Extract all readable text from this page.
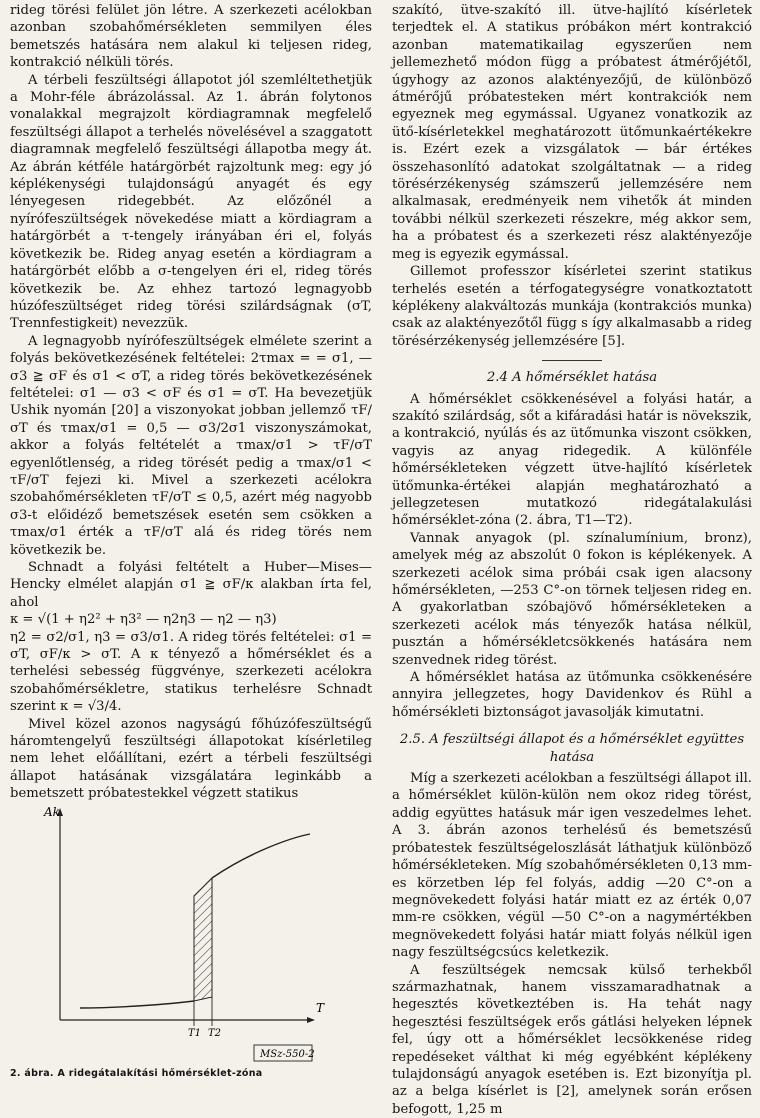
rideg törési felület jön létre. A szerkezeti acélokban azonban szobahőmérsékleten semmilyen éles bemetszés hatására nem alakul ki teljesen rideg, kontrakció nélküli törés.

A térbeli feszültségi állapotot jól szemléltethetjük a Mohr-féle ábrázolással. Az 1. ábrán folytonos vonalakkal megrajzolt kördiagramnak megfelelő feszültségi állapot a terhelés növelésével a szaggatott diagramnak megfelelő feszültségi állapotba megy át. Az ábrán kétféle határgörbét rajzoltunk meg: egy jó képlékenységi tulajdonságú anyagét és egy lényegesen ridegebbét. Az előzőnél a nyírófeszültségek növekedése miatt a kördiagram a határgörbét a τ-tengely irányában éri el, folyás következik be. Rideg anyag esetén a kördiagram a határgörbét előbb a σ-tengelyen éri el, rideg törés következik be. Az ehhez tartozó legnagyobb húzófeszültséget rideg törési szilárdságnak (σT, Trennfestigkeit) nevezzük.

A legnagyobb nyírófeszültségek elmélete szerint a folyás bekövetkezésének feltételei: 2τmax = = σ1, — σ3 ≧ σF és σ1 < σT, a rideg törés bekövetkezésének feltételei: σ1 — σ3 < σF és σ1 = σT. Ha bevezetjük Ushik nyomán [20] a viszonyokat jobban jellemző τF/σT és τmax/σ1 = 0,5 — σ3/2σ1 viszonyszámokat, akkor a folyás feltételét a τmax/σ1 > τF/σT egyenlőtlenség, a rideg törését pedig a τmax/σ1 < τF/σT fejezi ki. Mivel a szerkezeti acélokra szobahőmérsékleten τF/σT ≤ 0,5, azért még nagyobb σ3-t előidéző bemetszések esetén sem csökken a τmax/σ1 érték a τF/σT alá és rideg törés nem következik be.

Schnadt a folyási feltételt a Huber—Mises—Hencky elmélet alapján σ1 ≧ σF/κ alakban írta fel, ahol

κ = √(1 + η2² + η3² — η2η3 — η2 — η3)

η2 = σ2/σ1, η3 = σ3/σ1. A rideg törés feltételei: σ1 = σT, σF/κ > σT. A κ tényező a hőmérséklet és a terhelési sebesség függvénye, szerkezeti acélokra szobahőmérsékletre, statikus terhelésre Schnadt szerint κ = √3/4.

Mivel közel azonos nagyságú főhúzófeszültségű háromtengelyű feszültségi állapotokat kísérletileg nem lehet előállítani, ezért a térbeli feszültségi állapot hatásának vizsgálatára leginkább a bemetszett próbatestekkel végzett statikus

szakító, ütve-szakító ill. ütve-hajlító kísérletek terjedtek el. A statikus próbákon mért kontrakció azonban matematikailag egyszerűen nem jellemezhető módon függ a próbatest átmérőjétől, úgyhogy az azonos alaktényezőjű, de különböző átmérőjű próbatesteken mért kontrakciók nem egyeznek meg egymással. Ugyanez vonatkozik az ütő-kísérletekkel meghatározott ütőmunkaértékekre is. Ezért ezek a vizsgálatok — bár értékes összehasonlító adatokat szolgáltatnak — a rideg törésérzékenység számszerű jellemzésére nem alkalmasak, eredményeik nem vihetők át minden további nélkül szerkezeti részekre, még akkor sem, ha a próbatest és a szerkezeti rész alaktényezője meg is egyezik egymással.

Gillemot professzor kísérletei szerint statikus terhelés esetén a térfogategységre vonatkoztatott képlékeny alakváltozás munkája (kontrakciós munka) csak az alaktényezőtől függ s így alkalmasabb a rideg törésérzékenység jellemzésére [5].

2.4 A hőmérséklet hatása

A hőmérséklet csökkenésével a folyási határ, a szakító szilárdság, sőt a kifáradási határ is növekszik, a kontrakció, nyúlás és az ütőmunka viszont csökken, vagyis az anyag ridegedik. A különféle hőmérsékleteken végzett ütve-hajlító kísérletek ütőmunka-értékei alapján meghatározható a jellegzetesen mutatkozó ridegátalakulási hőmérséklet-zóna (2. ábra, T1—T2).

Vannak anyagok (pl. színalumínium, bronz), amelyek még az abszolút 0 fokon is képlékenyek. A szerkezeti acélok sima próbái csak igen alacsony hőmérsékleten, —253 C°-on törnek teljesen rideg en. A gyakorlatban szóbajövő hőmérsékleteken a szerkezeti acélok más tényezők hatása nélkül, pusztán a hőmérsékletcsökkenés hatására nem szenvednek rideg törést.

A hőmérséklet hatása az ütőmunka csökkenésére annyira jellegzetes, hogy Davidenkov és Rühl a hőmérsékleti biztonságot javasolják kimutatni.

2.5. A feszültségi állapot és a hőmérséklet együttes hatása

Míg a szerkezeti acélokban a feszültségi állapot ill. a hőmérséklet külön-külön nem okoz rideg törést, addig együttes hatásuk már igen veszedelmes lehet. A 3. ábrán azonos terhelésű és bemetszésű próbatestek feszültségeloszlását láthatjuk különböző hőmérsékleteken. Míg szobahőmérsékleten 0,13 mm-es körzetben lép fel folyás, addig —20 C°-on a megnövekedett folyási határ miatt ez az érték 0,07 mm-re csökken, végül —50 C°-on a nagymértékben megnövekedett folyási határ miatt folyás nélkül igen nagy feszültségcsúcs keletkezik.

A feszültségek nemcsak külső terhekből származhatnak, hanem visszamaradhatnak a hegesztés következtében is. Ha tehát nagy hegesztési feszültségek erős gátlási helyeken lépnek fel, úgy ott a hőmérséklet lecsökkenése rideg repedéseket válthat ki még egyébként képlékeny tulajdonságú anyagok esetében is. Ezt bizonyítja pl. az a belga kísérlet is [2], amelynek során erősen befogott, 1,25 m

Ak
T
T1 T2
MSz-550-2
2. ábra. A ridegátalakítási hőmérséklet-zóna
